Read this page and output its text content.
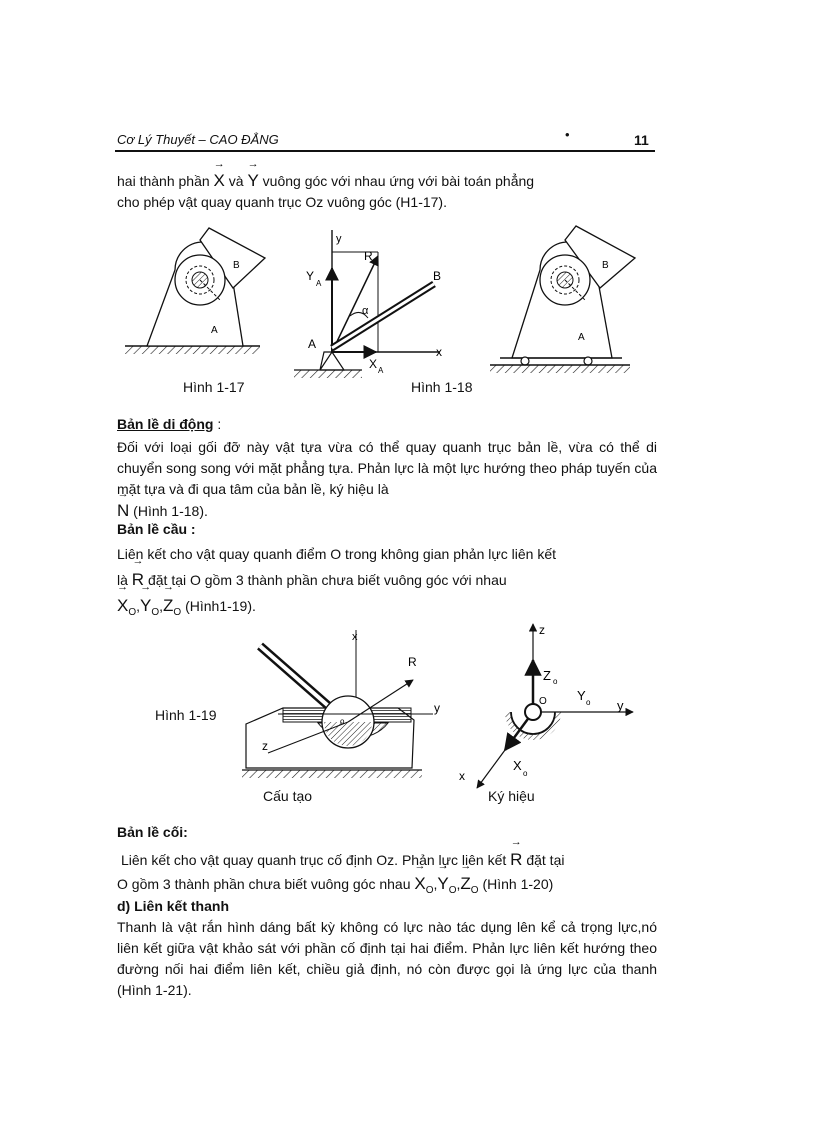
Cơ Lý Thuyết – CAO ĐẲNG	•	11

hai thành phần → X và → Y vuông góc với nhau ứng với bài toán phẳng

cho phép vật quay quanh trục Oz vuông góc (H1-17).

B
A
Hình 1-17
y
R
Y
A
B
α
A
X A
x
B
A
Hình 1-18
Bản lề di động :

Đối với loại gối đỡ này vật tựa vừa có thể quay quanh trục bản lề, vừa có thể di chuyển song song với mặt phẳng tựa. Phản lực là một lực hướng theo pháp tuyến của mặt tựa và đi qua tâm của bản lề, ký hiệu là
→ N (Hình 1-18).

Bản lề cầu :

Liên kết cho vật quay quanh điểm O trong không gian phản lực liên kết

là → R đặt tại O gồm 3 thành phần chưa biết vuông góc với nhau

→ $X_O,\to Y_O,\to Z_O$ (Hình1-19).

Hình 1-19
x
R
y
z
o
Cấu tạo
z
Z o
O Y o y
X
o
x
Ký hiệu
Bản lề cối:

Liên kết cho vật quay quanh trục cố định Oz. Phản lực liên kết → R đặt tại

O gồm 3 thành phần chưa biết vuông góc nhau → $X_O,\to Y_O,\to Z_O$ (Hình 1-20)

d) Liên kết thanh
Thanh là vật rắn hình dáng bất kỳ không có lực nào tác dụng lên kể cả trọng lực,nó liên kết giữa vật khảo sát với phần cố định tại hai điểm. Phản lực liên kết hướng theo đường nối hai điểm liên kết, chiều giả định, nó còn được gọi là ứng lực của thanh (Hình 1-21).
